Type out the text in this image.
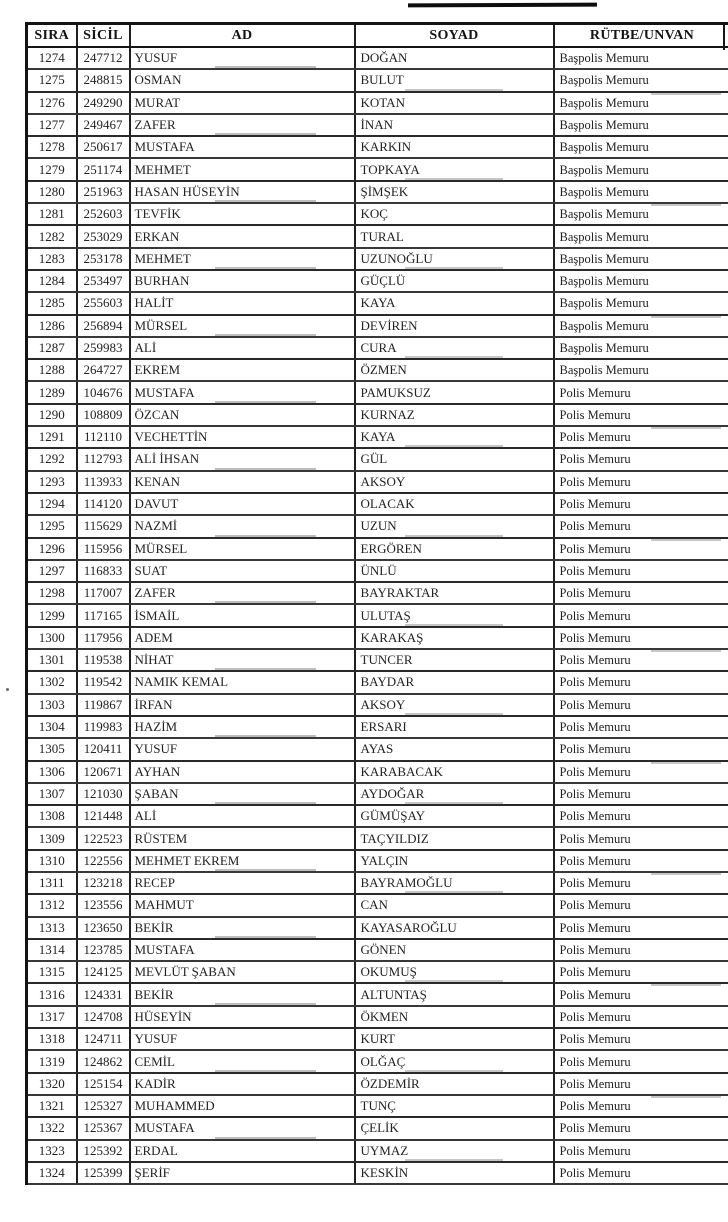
SIRA	SİCİL	AD	SOYAD	RÜTBE/UNVAN
1274	247712	YUSUF	DOĞAN	Başpolis Memuru
1275	248815	OSMAN	BULUT	Başpolis Memuru
1276	249290	MURAT	KOTAN	Başpolis Memuru
1277	249467	ZAFER	İNAN	Başpolis Memuru
1278	250617	MUSTAFA	KARKIN	Başpolis Memuru
1279	251174	MEHMET	TOPKAYA	Başpolis Memuru
1280	251963	HASAN HÜSEYİN	ŞİMŞEK	Başpolis Memuru
1281	252603	TEVFİK	KOÇ	Başpolis Memuru
1282	253029	ERKAN	TURAL	Başpolis Memuru
1283	253178	MEHMET	UZUNOĞLU	Başpolis Memuru
1284	253497	BURHAN	GÜÇLÜ	Başpolis Memuru
1285	255603	HALİT	KAYA	Başpolis Memuru
1286	256894	MÜRSEL	DEVİREN	Başpolis Memuru
1287	259983	ALİ	CURA	Başpolis Memuru
1288	264727	EKREM	ÖZMEN	Başpolis Memuru
1289	104676	MUSTAFA	PAMUKSUZ	Polis Memuru
1290	108809	ÖZCAN	KURNAZ	Polis Memuru
1291	112110	VECHETTİN	KAYA	Polis Memuru
1292	112793	ALİ İHSAN	GÜL	Polis Memuru
1293	113933	KENAN	AKSOY	Polis Memuru
1294	114120	DAVUT	OLACAK	Polis Memuru
1295	115629	NAZMİ	UZUN	Polis Memuru
1296	115956	MÜRSEL	ERGÖREN	Polis Memuru
1297	116833	SUAT	ÜNLÜ	Polis Memuru
1298	117007	ZAFER	BAYRAKTAR	Polis Memuru
1299	117165	İSMAİL	ULUTAŞ	Polis Memuru
1300	117956	ADEM	KARAKAŞ	Polis Memuru
1301	119538	NİHAT	TUNCER	Polis Memuru
1302	119542	NAMIK KEMAL	BAYDAR	Polis Memuru
1303	119867	İRFAN	AKSOY	Polis Memuru
1304	119983	HAZİM	ERSARI	Polis Memuru
1305	120411	YUSUF	AYAS	Polis Memuru
1306	120671	AYHAN	KARABACAK	Polis Memuru
1307	121030	ŞABAN	AYDOĞAR	Polis Memuru
1308	121448	ALİ	GÜMÜŞAY	Polis Memuru
1309	122523	RÜSTEM	TAÇYILDIZ	Polis Memuru
1310	122556	MEHMET EKREM	YALÇIN	Polis Memuru
1311	123218	RECEP	BAYRAMOĞLU	Polis Memuru
1312	123556	MAHMUT	CAN	Polis Memuru
1313	123650	BEKİR	KAYASAROĞLU	Polis Memuru
1314	123785	MUSTAFA	GÖNEN	Polis Memuru
1315	124125	MEVLÜT ŞABAN	OKUMUŞ	Polis Memuru
1316	124331	BEKİR	ALTUNTAŞ	Polis Memuru
1317	124708	HÜSEYİN	ÖKMEN	Polis Memuru
1318	124711	YUSUF	KURT	Polis Memuru
1319	124862	CEMİL	OLĞAÇ	Polis Memuru
1320	125154	KADİR	ÖZDEMİR	Polis Memuru
1321	125327	MUHAMMED	TUNÇ	Polis Memuru
1322	125367	MUSTAFA	ÇELİK	Polis Memuru
1323	125392	ERDAL	UYMAZ	Polis Memuru
1324	125399	ŞERİF	KESKİN	Polis Memuru
